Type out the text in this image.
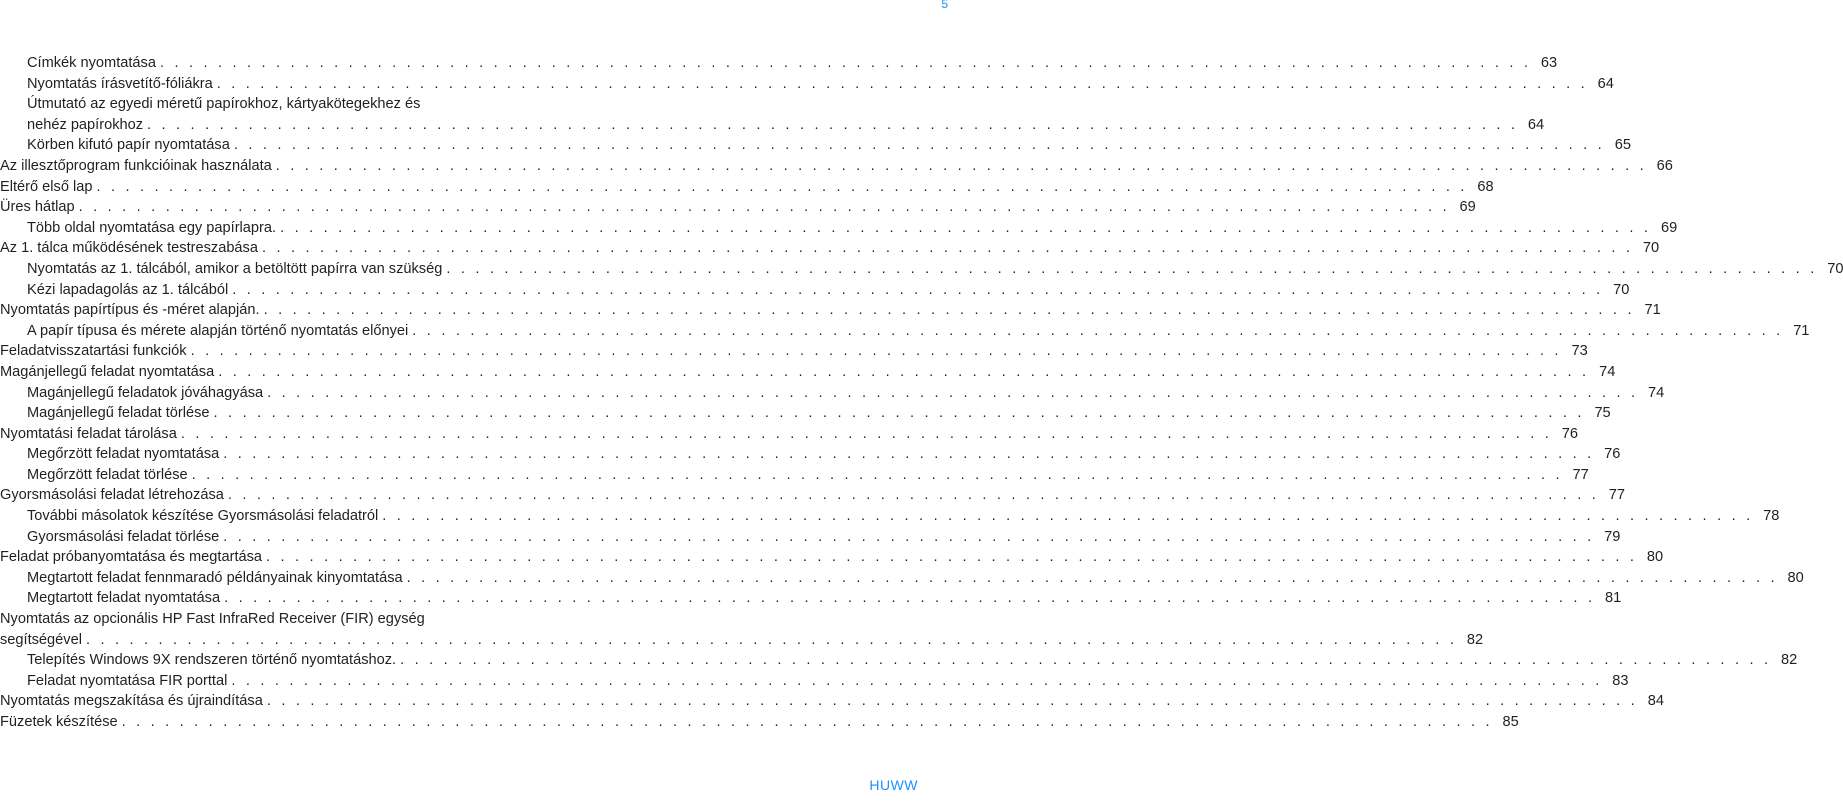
5
Címkék nyomtatása . . . . . . . . . . . . . . . . . . . . . . . . . . . . . . . . . . . . . . . . . . . . . . . . . . . . . . . . . . . . . . . . . . . . . . . . . . . . . . . . . . . . . . . . . . . . . . . 63
Nyomtatás írásvetítő-fóliákra . . . . . . . . . . . . . . . . . . . . . . . . . . . . . . . . . . . . . . . . . . . . . . . . . . . . . . . . . . . . . . . . . . . . . . . . . . . . . . . . . . . . . . . . . . . . . . . 64
Útmutató az egyedi méretű papírokhoz, kártyakötegekhez és
nehéz papírokhoz . . . . . . . . . . . . . . . . . . . . . . . . . . . . . . . . . . . . . . . . . . . . . . . . . . . . . . . . . . . . . . . . . . . . . . . . . . . . . . . . . . . . . . . . . . . . . . . 64
Körben kifutó papír nyomtatása . . . . . . . . . . . . . . . . . . . . . . . . . . . . . . . . . . . . . . . . . . . . . . . . . . . . . . . . . . . . . . . . . . . . . . . . . . . . . . . . . . . . . . . . . . . . . . . 65
Az illesztőprogram funkcióinak használata . . . . . . . . . . . . . . . . . . . . . . . . . . . . . . . . . . . . . . . . . . . . . . . . . . . . . . . . . . . . . . . . . . . . . . . . . . . . . . . . . . . . . . . . . . . . . . . 66
Eltérő első lap . . . . . . . . . . . . . . . . . . . . . . . . . . . . . . . . . . . . . . . . . . . . . . . . . . . . . . . . . . . . . . . . . . . . . . . . . . . . . . . . . . . . . . . . . . . . . . . 68
Üres hátlap . . . . . . . . . . . . . . . . . . . . . . . . . . . . . . . . . . . . . . . . . . . . . . . . . . . . . . . . . . . . . . . . . . . . . . . . . . . . . . . . . . . . . . . . . . . . . . . 69
Több oldal nyomtatása egy papírlapra. . . . . . . . . . . . . . . . . . . . . . . . . . . . . . . . . . . . . . . . . . . . . . . . . . . . . . . . . . . . . . . . . . . . . . . . . . . . . . . . . . . . . . . . . . . . . . . . 69
Az 1. tálca működésének testreszabása . . . . . . . . . . . . . . . . . . . . . . . . . . . . . . . . . . . . . . . . . . . . . . . . . . . . . . . . . . . . . . . . . . . . . . . . . . . . . . . . . . . . . . . . . . . . . . . 70
Nyomtatás az 1. tálcából, amikor a betöltött papírra van szükség . . . . . . . . . . . . . . . . . . . . . . . . . . . . . . . . . . . . . . . . . . . . . . . . . . . . . . . . . . . . . . . . . . . . . . . . . . . . . . . . . . . . . . . . . . . . . . . 70
Kézi lapadagolás az 1. tálcából . . . . . . . . . . . . . . . . . . . . . . . . . . . . . . . . . . . . . . . . . . . . . . . . . . . . . . . . . . . . . . . . . . . . . . . . . . . . . . . . . . . . . . . . . . . . . . . 70
Nyomtatás papírtípus és -méret alapján. . . . . . . . . . . . . . . . . . . . . . . . . . . . . . . . . . . . . . . . . . . . . . . . . . . . . . . . . . . . . . . . . . . . . . . . . . . . . . . . . . . . . . . . . . . . . . . . 71
A papír típusa és mérete alapján történő nyomtatás előnyei . . . . . . . . . . . . . . . . . . . . . . . . . . . . . . . . . . . . . . . . . . . . . . . . . . . . . . . . . . . . . . . . . . . . . . . . . . . . . . . . . . . . . . . . . . . . . . . 71
Feladatvisszatartási funkciók . . . . . . . . . . . . . . . . . . . . . . . . . . . . . . . . . . . . . . . . . . . . . . . . . . . . . . . . . . . . . . . . . . . . . . . . . . . . . . . . . . . . . . . . . . . . . . . 73
Magánjellegű feladat nyomtatása . . . . . . . . . . . . . . . . . . . . . . . . . . . . . . . . . . . . . . . . . . . . . . . . . . . . . . . . . . . . . . . . . . . . . . . . . . . . . . . . . . . . . . . . . . . . . . . 74
Magánjellegű feladatok jóváhagyása . . . . . . . . . . . . . . . . . . . . . . . . . . . . . . . . . . . . . . . . . . . . . . . . . . . . . . . . . . . . . . . . . . . . . . . . . . . . . . . . . . . . . . . . . . . . . . . 74
Magánjellegű feladat törlése . . . . . . . . . . . . . . . . . . . . . . . . . . . . . . . . . . . . . . . . . . . . . . . . . . . . . . . . . . . . . . . . . . . . . . . . . . . . . . . . . . . . . . . . . . . . . . . 75
Nyomtatási feladat tárolása . . . . . . . . . . . . . . . . . . . . . . . . . . . . . . . . . . . . . . . . . . . . . . . . . . . . . . . . . . . . . . . . . . . . . . . . . . . . . . . . . . . . . . . . . . . . . . . 76
Megőrzött feladat nyomtatása . . . . . . . . . . . . . . . . . . . . . . . . . . . . . . . . . . . . . . . . . . . . . . . . . . . . . . . . . . . . . . . . . . . . . . . . . . . . . . . . . . . . . . . . . . . . . . . 76
Megőrzött feladat törlése . . . . . . . . . . . . . . . . . . . . . . . . . . . . . . . . . . . . . . . . . . . . . . . . . . . . . . . . . . . . . . . . . . . . . . . . . . . . . . . . . . . . . . . . . . . . . . . 77
Gyorsmásolási feladat létrehozása . . . . . . . . . . . . . . . . . . . . . . . . . . . . . . . . . . . . . . . . . . . . . . . . . . . . . . . . . . . . . . . . . . . . . . . . . . . . . . . . . . . . . . . . . . . . . . . 77
További másolatok készítése Gyorsmásolási feladatról . . . . . . . . . . . . . . . . . . . . . . . . . . . . . . . . . . . . . . . . . . . . . . . . . . . . . . . . . . . . . . . . . . . . . . . . . . . . . . . . . . . . . . . . . . . . . . . 78
Gyorsmásolási feladat törlése . . . . . . . . . . . . . . . . . . . . . . . . . . . . . . . . . . . . . . . . . . . . . . . . . . . . . . . . . . . . . . . . . . . . . . . . . . . . . . . . . . . . . . . . . . . . . . . 79
Feladat próbanyomtatása és megtartása . . . . . . . . . . . . . . . . . . . . . . . . . . . . . . . . . . . . . . . . . . . . . . . . . . . . . . . . . . . . . . . . . . . . . . . . . . . . . . . . . . . . . . . . . . . . . . . 80
Megtartott feladat fennmaradó példányainak kinyomtatása . . . . . . . . . . . . . . . . . . . . . . . . . . . . . . . . . . . . . . . . . . . . . . . . . . . . . . . . . . . . . . . . . . . . . . . . . . . . . . . . . . . . . . . . . . . . . . . 80
Megtartott feladat nyomtatása . . . . . . . . . . . . . . . . . . . . . . . . . . . . . . . . . . . . . . . . . . . . . . . . . . . . . . . . . . . . . . . . . . . . . . . . . . . . . . . . . . . . . . . . . . . . . . . 81
Nyomtatás az opcionális HP Fast InfraRed Receiver (FIR) egység
segítségével . . . . . . . . . . . . . . . . . . . . . . . . . . . . . . . . . . . . . . . . . . . . . . . . . . . . . . . . . . . . . . . . . . . . . . . . . . . . . . . . . . . . . . . . . . . . . . . 82
Telepítés Windows 9X rendszeren történő nyomtatáshoz. . . . . . . . . . . . . . . . . . . . . . . . . . . . . . . . . . . . . . . . . . . . . . . . . . . . . . . . . . . . . . . . . . . . . . . . . . . . . . . . . . . . . . . . . . . . . . . . 82
Feladat nyomtatása FIR porttal . . . . . . . . . . . . . . . . . . . . . . . . . . . . . . . . . . . . . . . . . . . . . . . . . . . . . . . . . . . . . . . . . . . . . . . . . . . . . . . . . . . . . . . . . . . . . . . 83
Nyomtatás megszakítása és újraindítása . . . . . . . . . . . . . . . . . . . . . . . . . . . . . . . . . . . . . . . . . . . . . . . . . . . . . . . . . . . . . . . . . . . . . . . . . . . . . . . . . . . . . . . . . . . . . . . 84
Füzetek készítése . . . . . . . . . . . . . . . . . . . . . . . . . . . . . . . . . . . . . . . . . . . . . . . . . . . . . . . . . . . . . . . . . . . . . . . . . . . . . . . . . . . . . . . . . . . . . . . 85
HUWW
